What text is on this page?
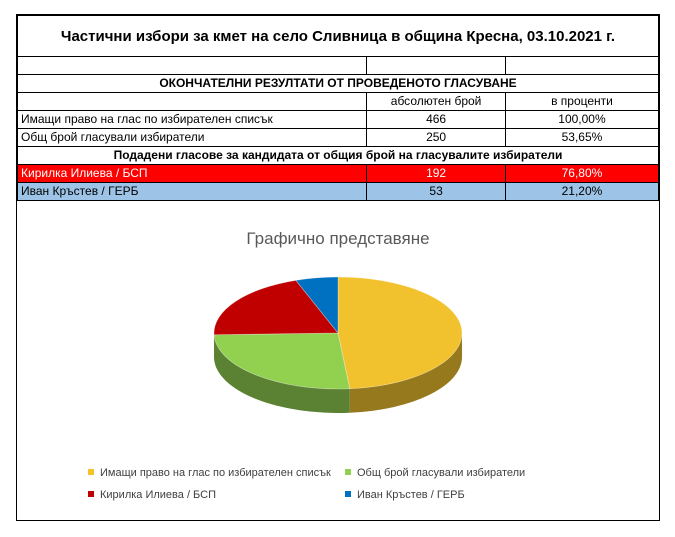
Частични избори за кмет на село Сливница в община Кресна, 03.10.2021 г.		

ОКОНЧАТЕЛНИ РЕЗУЛТАТИ ОТ ПРОВЕДЕНОТО ГЛАСУВАНЕ		
	абсолютен брой	в проценти
Имащи право на глас по избирателен списък	466	100,00%
Общ брой гласували избиратели	250	53,65%
Подадени гласове за кандидата от общия брой на гласувалите избиратели		
Кирилка Илиева / БСП	192	76,80%
Иван Кръстев / ГЕРБ	53	21,20%
Графично представяне
Имащи право на глас по избирателен списък	Общ брой гласували избиратели
Кирилка Илиева / БСП	Иван Кръстев / ГЕРБ
